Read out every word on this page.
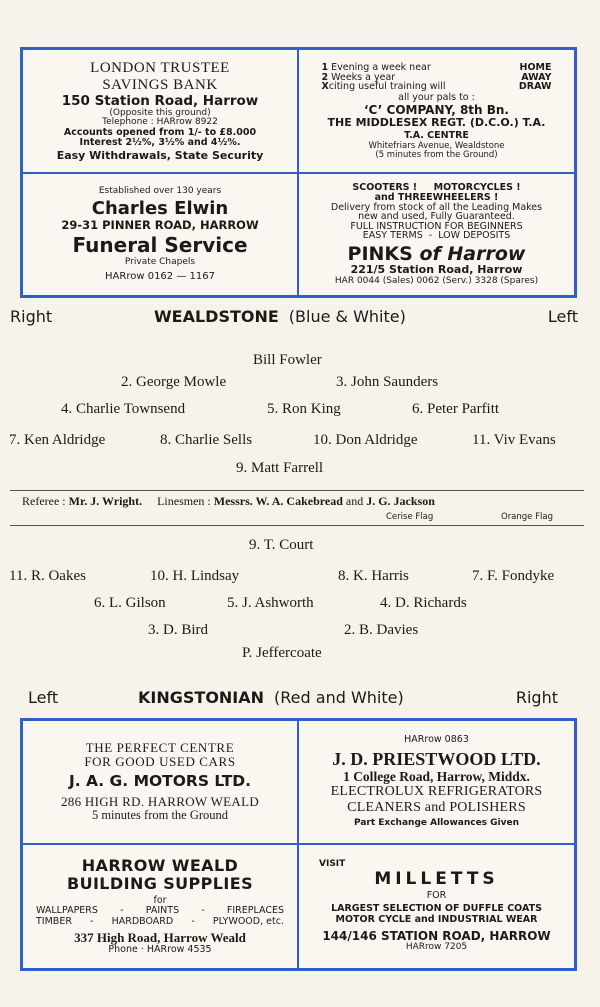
LONDON TRUSTEE
SAVINGS BANK
150 Station Road, Harrow
(Opposite this ground)
Telephone : HARrow 8922
Accounts opened from 1/- to £8.000
Interest 2½%, 3½% and 4½%.
Easy Withdrawals, State Security
1 Evening a week near	HOME
2 Weeks a year	AWAY
Xciting useful training will	DRAW
all your pals to :
‘C’ COMPANY, 8th Bn.
THE MIDDLESEX REGT. (D.C.O.) T.A.
T.A. CENTRE
Whitefriars Avenue, Wealdstone
(5 minutes from the Ground)
Established over 130 years
Charles Elwin
29-31 PINNER ROAD, HARROW
Funeral Service
Private Chapels
HARrow 0162 — 1167
SCOOTERS !     MOTORCYCLES !
and THREEWHEELERS !
Delivery from stock of all the Leading Makes
new and used, Fully Guaranteed.
FULL INSTRUCTION FOR BEGINNERS
EASY TERMS  -  LOW DEPOSITS
PINKS of Harrow
221/5 Station Road, Harrow
HAR 0044 (Sales) 0062 (Serv.) 3328 (Spares)
Right	WEALDSTONE (Blue & White)	Left
Bill Fowler
2. George Mowle	3. John Saunders
4. Charlie Townsend	5. Ron King	6. Peter Parfitt
7. Ken Aldridge	8. Charlie Sells	10. Don Aldridge	11. Viv Evans
9. Matt Farrell
Referee : Mr. J. Wright. Linesmen : Messrs. W. A. Cakebread and J. G. Jackson
Cerise Flag	Orange Flag
9. T. Court
11. R. Oakes	10. H. Lindsay	8. K. Harris	7. F. Fondyke
6. L. Gilson	5. J. Ashworth	4. D. Richards
3. D. Bird	2. B. Davies
P. Jeffercoate
Left	KINGSTONIAN (Red and White)	Right
THE PERFECT CENTRE
FOR GOOD USED CARS
J. A. G. MOTORS LTD.
286 HIGH RD. HARROW WEALD
5 minutes from the Ground
HARrow 0863
J. D. PRIESTWOOD LTD.
1 College Road, Harrow, Middx.
ELECTROLUX REFRIGERATORS
CLEANERS and POLISHERS
Part Exchange Allowances Given
HARROW WEALD
BUILDING SUPPLIES
for
WALLPAPERS - PAINTS - FIREPLACES
TIMBER - HARDBOARD - PLYWOOD, etc.
337 High Road, Harrow Weald
Phone · HARrow 4535
VISIT
MILLETTS
FOR
LARGEST SELECTION OF DUFFLE COATS
MOTOR CYCLE and INDUSTRIAL WEAR
144/146 STATION ROAD, HARROW
HARrow 7205
